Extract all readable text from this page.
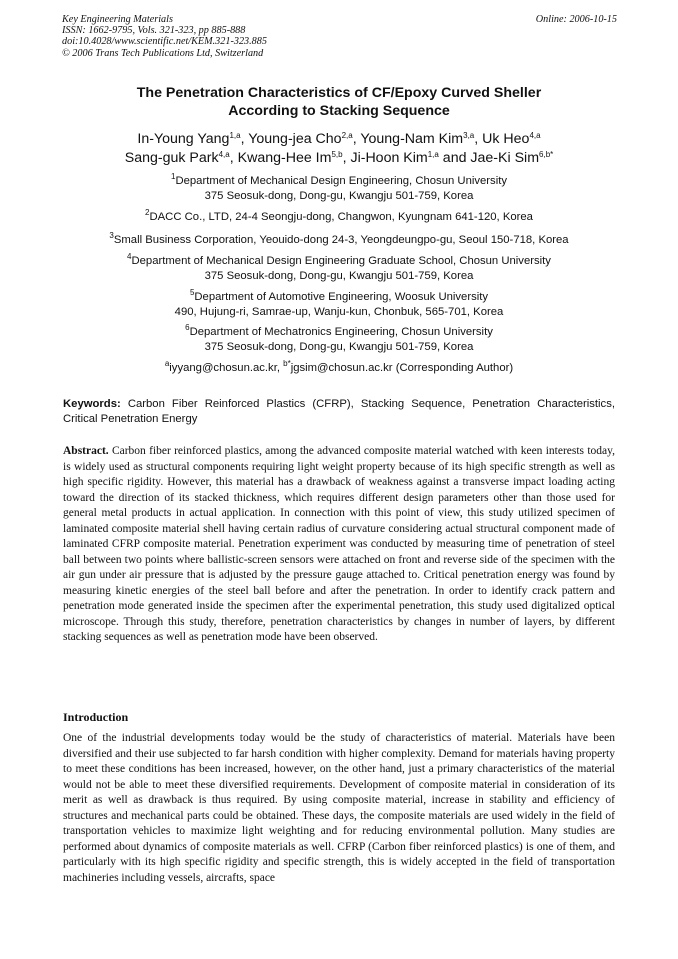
Key Engineering Materials	Online: 2006-10-15
ISSN: 1662-9795, Vols. 321-323, pp 885-888
doi:10.4028/www.scientific.net/KEM.321-323.885
© 2006 Trans Tech Publications Ltd, Switzerland
The Penetration Characteristics of CF/Epoxy Curved Sheller
According to Stacking Sequence
In-Young Yang$^{1,a}$, Young-jea Cho$^{2,a}$, Young-Nam Kim$^{3,a}$, Uk Heo$^{4,a}$
Sang-guk Park$^{4,a}$, Kwang-Hee Im$^{5,b}$, Ji-Hoon Kim$^{1,a}$ and Jae-Ki Sim$^{6,b*}$
$^1$Department of Mechanical Design Engineering, Chosun University
375 Seosuk-dong, Dong-gu, Kwangju 501-759, Korea
$^2$DACC Co., LTD, 24-4 Seongju-dong, Changwon, Kyungnam 641-120, Korea
$^3$Small Business Corporation, Yeouido-dong 24-3, Yeongdeungpo-gu, Seoul 150-718, Korea
$^4$Department of Mechanical Design Engineering Graduate School, Chosun University
375 Seosuk-dong, Dong-gu, Kwangju 501-759, Korea
$^5$Department of Automotive Engineering, Woosuk University
490, Hujung-ri, Samrae-up, Wanju-kun, Chonbuk, 565-701, Korea
$^6$Department of Mechatronics Engineering, Chosun University
375 Seosuk-dong, Dong-gu, Kwangju 501-759, Korea
$^a$iyyang@chosun.ac.kr, $^{b*}$jgsim@chosun.ac.kr (Corresponding Author)
Keywords: Carbon Fiber Reinforced Plastics (CFRP), Stacking Sequence, Penetration Characteristics, Critical Penetration Energy
Abstract. Carbon fiber reinforced plastics, among the advanced composite material watched with keen interests today, is widely used as structural components requiring light weight property because of its high specific strength as well as high specific rigidity. However, this material has a drawback of weakness against a transverse impact loading acting toward the direction of its stacked thickness, which requires different design parameters other than those used for general metal products in actual application. In connection with this point of view, this study utilized specimen of laminated composite material shell having certain radius of curvature considering actual structural component made of laminated CFRP composite material. Penetration experiment was conducted by measuring time of penetration of steel ball between two points where ballistic-screen sensors were attached on front and reverse side of the specimen with the air gun under air pressure that is adjusted by the pressure gauge attached to. Critical penetration energy was found by measuring kinetic energies of the steel ball before and after the penetration. In order to identify crack pattern and penetration mode generated inside the specimen after the experimental penetration, this study used digitalized optical microscope. Through this study, therefore, penetration characteristics by changes in number of layers, by different stacking sequences as well as penetration mode have been observed.
Introduction
One of the industrial developments today would be the study of characteristics of material. Materials have been diversified and their use subjected to far harsh condition with higher complexity. Demand for materials having property to meet these conditions has been increased, however, on the other hand, just a primary characteristics of the material would not be able to meet these diversified requirements. Development of composite material in consideration of its merit as well as drawback is thus required. By using composite material, increase in stability and efficiency of structures and mechanical parts could be obtained. These days, the composite materials are used widely in the field of transportation vehicles to maximize light weighting and for reducing environmental pollution. Many studies are performed about dynamics of composite materials as well. CFRP (Carbon fiber reinforced plastics) is one of them, and particularly with its high specific rigidity and specific strength, this is widely accepted in the field of transportation machineries including vessels, aircrafts, space
